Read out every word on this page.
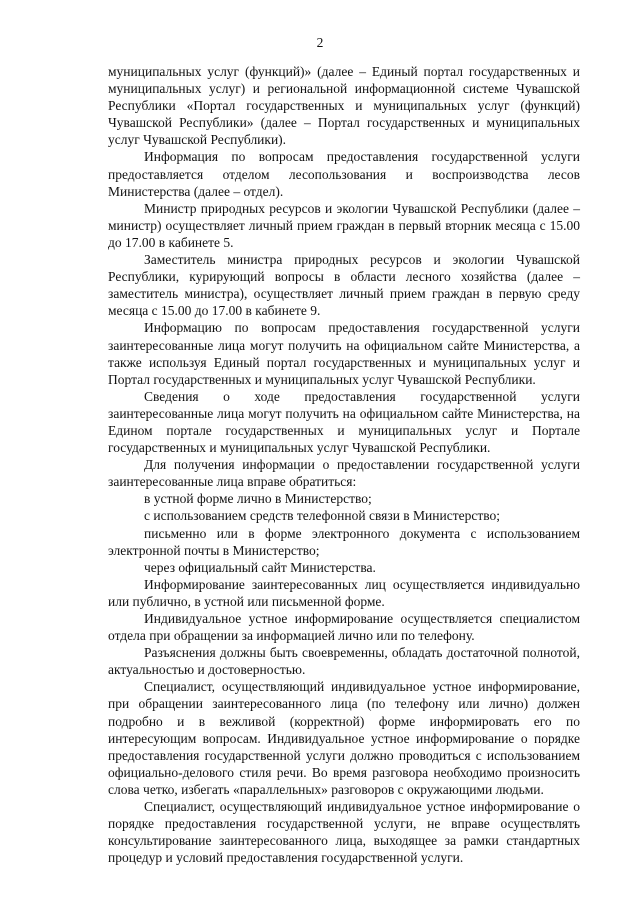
2

муниципальных услуг (функций)» (далее – Единый портал государственных и муниципальных услуг) и региональной информационной системе Чувашской Республики «Портал государственных и муниципальных услуг (функций) Чувашской Республики» (далее – Портал государственных и муниципальных услуг Чувашской Республики).

Информация по вопросам предоставления государственной услуги предоставляется отделом лесопользования и воспроизводства лесов Министерства (далее – отдел).

Министр природных ресурсов и экологии Чувашской Республики (далее – министр) осуществляет личный прием граждан в первый вторник месяца с 15.00 до 17.00 в кабинете 5.

Заместитель министра природных ресурсов и экологии Чувашской Республики, курирующий вопросы в области лесного хозяйства (далее – заместитель министра), осуществляет личный прием граждан в первую среду месяца с 15.00 до 17.00 в кабинете 9.

Информацию по вопросам предоставления государственной услуги заинтересованные лица могут получить на официальном сайте Министерства, а также используя Единый портал государственных и муниципальных услуг и Портал государственных и муниципальных услуг Чувашской Республики.

Сведения о ходе предоставления государственной услуги заинтересованные лица могут получить на официальном сайте Министерства, на Едином портале государственных и муниципальных услуг и Портале государственных и муниципальных услуг Чувашской Республики.

Для получения информации о предоставлении государственной услуги заинтересованные лица вправе обратиться:

в устной форме лично в Министерство;

с использованием средств телефонной связи в Министерство;

письменно или в форме электронного документа с использованием электронной почты в Министерство;

через официальный сайт Министерства.

Информирование заинтересованных лиц осуществляется индивидуально или публично, в устной или письменной форме.

Индивидуальное устное информирование осуществляется специалистом отдела при обращении за информацией лично или по телефону.

Разъяснения должны быть своевременны, обладать достаточной полнотой, актуальностью и достоверностью.

Специалист, осуществляющий индивидуальное устное информирование, при обращении заинтересованного лица (по телефону или лично) должен подробно и в вежливой (корректной) форме информировать его по интересующим вопросам. Индивидуальное устное информирование о порядке предоставления государственной услуги должно проводиться с использованием официально-делового стиля речи. Во время разговора необходимо произносить слова четко, избегать «параллельных» разговоров с окружающими людьми.

Специалист, осуществляющий индивидуальное устное информирование о порядке предоставления государственной услуги, не вправе осуществлять консультирование заинтересованного лица, выходящее за рамки стандартных процедур и условий предоставления государственной услуги.
